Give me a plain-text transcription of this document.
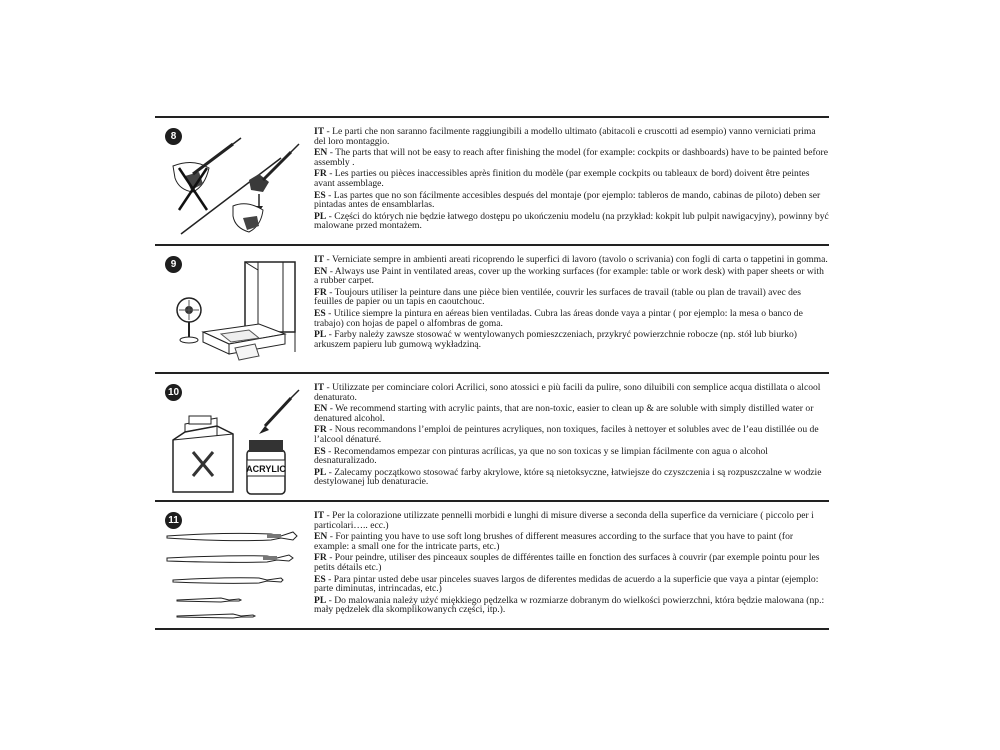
8	IT - Le parti che non saranno facilmente raggiungibili a modello ultimato (abitacoli e cruscotti ad esempio) vanno verniciati prima del loro montaggio.

EN - The parts that will not be easy to reach after finishing the model (for example: cockpits or dashboards) have to be painted before assembly .

FR - Les parties ou pièces inaccessibles après finition du modèle (par exemple cockpits ou tableaux de bord) doivent être peintes avant assemblage.

ES - Las partes que no son fácilmente accesibles después del montaje (por ejemplo: tableros de mando, cabinas de piloto) deben ser pintadas antes de ensamblarlas.

PL - Części do których nie będzie łatwego dostępu po ukończeniu modelu (na przykład: kokpit lub pulpit nawigacyjny), powinny być malowane przed montażem.

9	IT - Verniciate sempre in ambienti areati ricoprendo le superfici di lavoro (tavolo o scrivania) con fogli di carta o tappetini in gomma.

EN - Always use Paint in ventilated areas, cover up the working surfaces (for example: table or work desk) with paper sheets or with a rubber carpet.

FR - Toujours utiliser la peinture dans une pièce bien ventilée, couvrir les surfaces de travail (table ou plan de travail) avec des feuilles de papier ou un tapis en caoutchouc.

ES - Utilice siempre la pintura en aéreas bien ventiladas. Cubra las áreas donde vaya a pintar ( por ejemplo: la mesa o banco de trabajo) con hojas de papel o alfombras de goma.

PL - Farby należy zawsze stosować w wentylowanych pomieszczeniach, przykryć powierzchnie robocze (np. stół lub biurko) arkuszem papieru lub gumową wykładziną.

10
ACRYLIC

IT - Utilizzate per cominciare colori Acrilici, sono atossici e più facili da pulire, sono diluibili con semplice acqua distillata o alcool denaturato.

EN - We recommend starting with acrylic paints, that are non-toxic, easier to clean up & are soluble with simply distilled water or denatured alcohol.

FR - Nous recommandons l’emploi de peintures acryliques, non toxiques, faciles à nettoyer et solubles avec de l’eau distillée ou de l’alcool dénaturé.

ES - Recomendamos empezar con pinturas acrílicas, ya que no son toxicas y se limpian fácilmente con agua o alcohol desnaturalizado.

PL - Zalecamy początkowo stosować farby akrylowe, które są nietoksyczne, łatwiejsze do czyszczenia i są rozpuszczalne w wodzie destylowanej lub denaturacie.

11	IT - Per la colorazione utilizzate pennelli morbidi e lunghi di misure diverse a seconda della superfice da verniciare ( piccolo per i particolari….. ecc.)

EN - For painting you have to use soft long brushes of different measures according to the surface that you have to paint (for example: a small one for the intricate parts, etc.)

FR - Pour peindre, utiliser des pinceaux souples de différentes taille en fonction des surfaces à couvrir (par exemple pointu pour les petits détails etc.)

ES - Para pintar usted debe usar pinceles suaves largos de diferentes medidas de acuerdo a la superficie que vaya a pintar (ejemplo: parte diminutas, intrincadas, etc.)

PL - Do malowania należy użyć miękkiego pędzelka w rozmiarze dobranym do wielkości powierzchni, która będzie malowana (np.: mały pędzelek dla skomplikowanych części, itp.).
